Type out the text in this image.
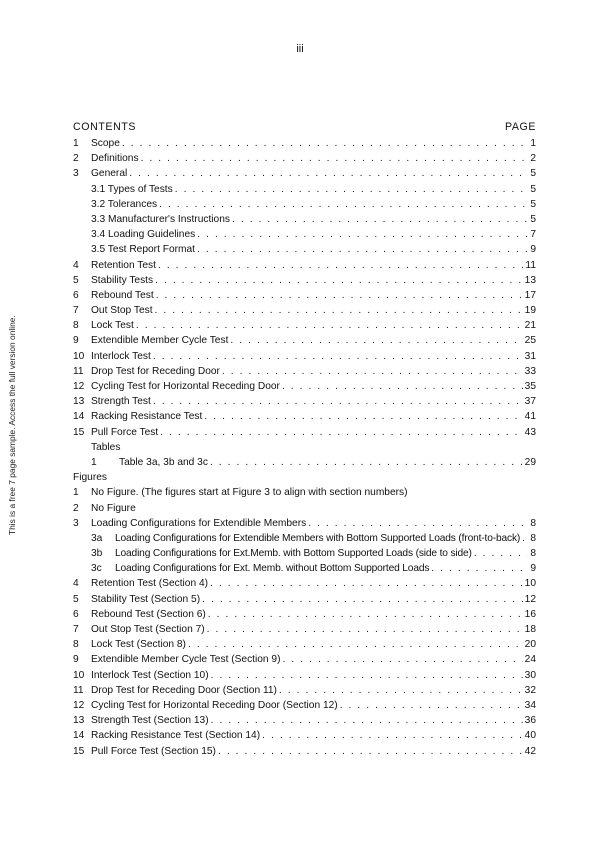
iii
This is a free 7 page sample. Access the full version online.
CONTENTS	PAGE
1	Scope . . .	1
2	Definitions . . .	2
3	General . . .	5
3.1 Types of Tests . . .	5
3.2 Tolerances . . .	5
3.3 Manufacturer's Instructions . . .	5
3.4 Loading Guidelines . . .	7
3.5 Test Report Format . . .	9
4	Retention Test . . .	11
5	Stability Tests . . .	13
6	Rebound Test . . .	17
7	Out Stop Test . . .	19
8	Lock Test . . .	21
9	Extendible Member Cycle Test . . .	25
10 Interlock Test . . .	31
11 Drop Test for Receding Door . . .	33
12 Cycling Test for Horizontal Receding Door . . .	35
13 Strength Test . . .	37
14 Racking Resistance Test . . .	41
15 Pull Force Test . . .	43
Tables
1	Table 3a, 3b and 3c . . .	29
Figures
1	No Figure. (The figures start at Figure 3 to align with section numbers)
2	No Figure
3	Loading Configurations for Extendible Members . . .	8
3a	Loading Configurations for Extendible Members with Bottom Supported Loads (front-to-back) . . . 8
3b	Loading Configurations for Ext.Memb. with Bottom Supported Loads (side to side) . . .	8
3c	Loading Configurations for Ext. Memb. without Bottom Supported Loads . . .	9
4	Retention Test (Section 4) . . .	10
5	Stability Test (Section 5) . . .	12
6	Rebound Test (Section 6) . . .	16
7	Out Stop Test (Section 7) . . .	18
8	Lock Test (Section 8) . . .	20
9	Extendible Member Cycle Test (Section 9) . . .	24
10 Interlock Test (Section 10) . . .	30
11 Drop Test for Receding Door (Section 11) . . .	32
12 Cycling Test for Horizontal Receding Door (Section 12) . . .	34
13 Strength Test (Section 13) . . .	36
14 Racking Resistance Test (Section 14) . . .	40
15 Pull Force Test (Section 15) . . .	42
